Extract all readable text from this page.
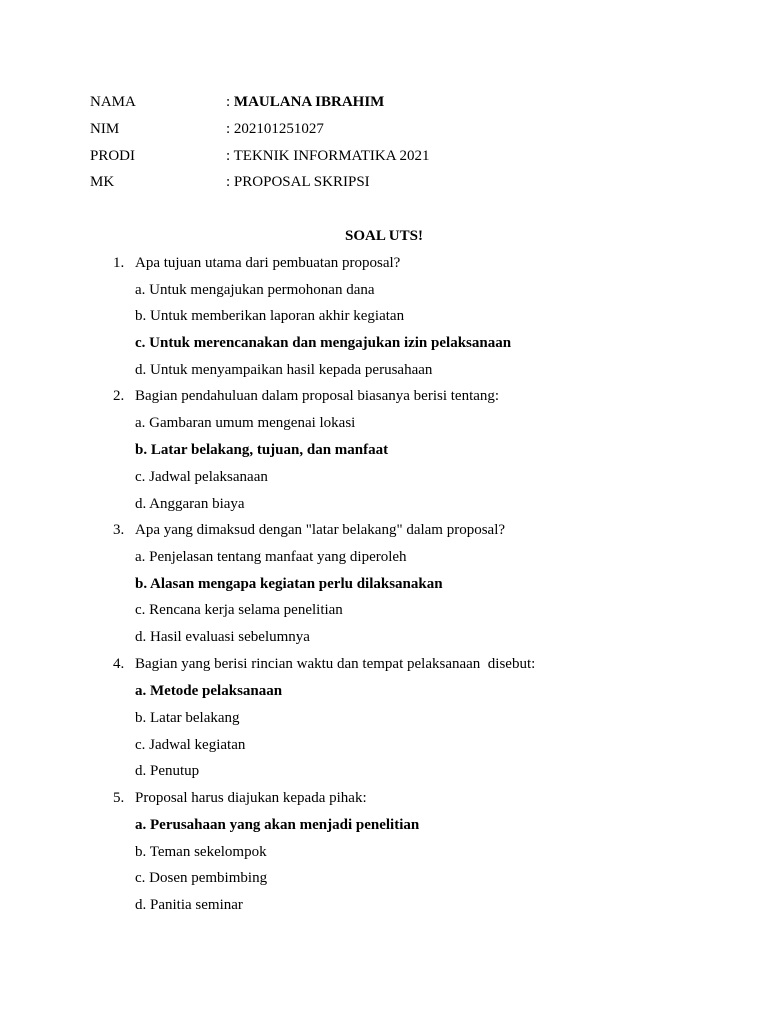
NAMA	: MAULANA IBRAHIM
NIM	: 202101251027
PRODI	: TEKNIK INFORMATIKA 2021
MK	: PROPOSAL SKRIPSI
SOAL UTS!
1. Apa tujuan utama dari pembuatan proposal?
a. Untuk mengajukan permohonan dana
b. Untuk memberikan laporan akhir kegiatan
c. Untuk merencanakan dan mengajukan izin pelaksanaan
d. Untuk menyampaikan hasil kepada perusahaan
2. Bagian pendahuluan dalam proposal biasanya berisi tentang:
a. Gambaran umum mengenai lokasi
b. Latar belakang, tujuan, dan manfaat
c. Jadwal pelaksanaan
d. Anggaran biaya
3. Apa yang dimaksud dengan "latar belakang" dalam proposal?
a. Penjelasan tentang manfaat yang diperoleh
b. Alasan mengapa kegiatan perlu dilaksanakan
c. Rencana kerja selama penelitian
d. Hasil evaluasi sebelumnya
4. Bagian yang berisi rincian waktu dan tempat pelaksanaan  disebut:
a. Metode pelaksanaan
b. Latar belakang
c. Jadwal kegiatan
d. Penutup
5. Proposal harus diajukan kepada pihak:
a. Perusahaan yang akan menjadi penelitian
b. Teman sekelompok
c. Dosen pembimbing
d. Panitia seminar
